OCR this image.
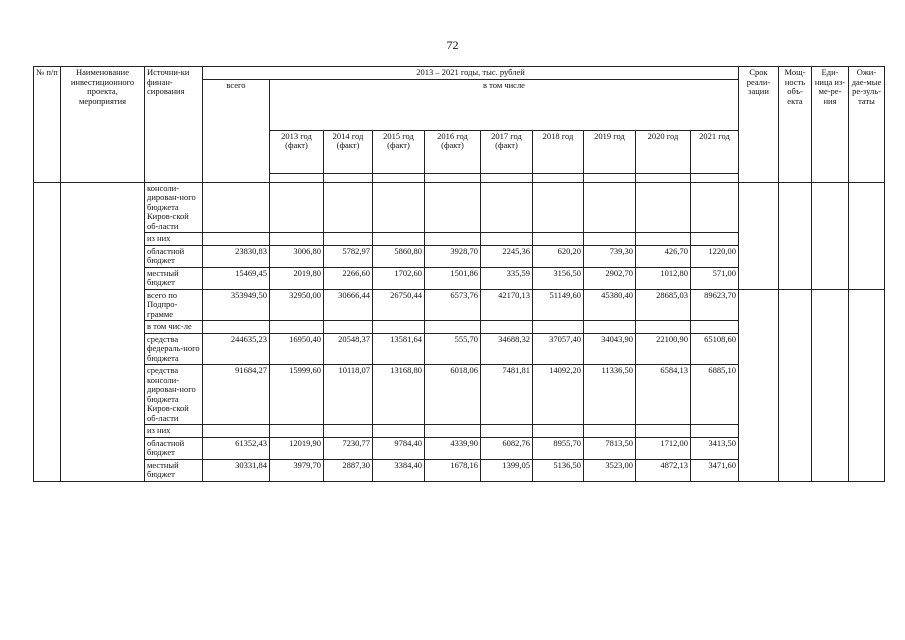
72
№ п/п	Наименование инвестиционного проекта, мероприятия	Источни-ки финан-сирования	2013 – 2021 годы, тыс. рублей										Срок реали-зации	Мощ-ность объ-екта	Еди-ница из-ме-ре-ния	Ожи-дае-мые ре-зуль-таты
			всего	в том числе												
				2013 год (факт)	2014 год (факт)	2015 год (факт)	2016 год (факт)	2017 год (факт)	2018 год	2019 год	2020 год	2021 год				

		консоли-дирован-ного бюджета Киров-ской об-ласти														
		из них														
		областной бюджет	23830,83	3006,80	5782,97	5860,80	3928,70	2245,36	620,20	739,30	426,70	1220,00				
		местный бюджет	15469,45	2019,80	2266,60	1702,60	1501,86	335,59	3156,50	2902,70	1012,80	571,00				
		всего по Подпро-грамме	353949,50	32950,00	30666,44	26750,44	6573,76	42170,13	51149,60	45380,40	28685,03	89623,70				
		в том чис-ле														
		средства федераль-ного бюджета	244635,23	16950,40	20548,37	13581,64	555,70	34688,32	37057,40	34043,90	22100,90	65108,60				
		средства консоли-дирован-ного бюджета Киров-ской об-ласти	91684,27	15999,60	10118,07	13168,80	6018,06	7481,81	14092,20	11336,50	6584,13	6885,10				
		из них														
		областной бюджет	61352,43	12019,90	7230,77	9784,40	4339,90	6082,76	8955,70	7813,50	1712,00	3413,50				
		местный бюджет	30331,84	3979,70	2887,30	3384,40	1678,16	1399,05	5136,50	3523,00	4872,13	3471,60				
